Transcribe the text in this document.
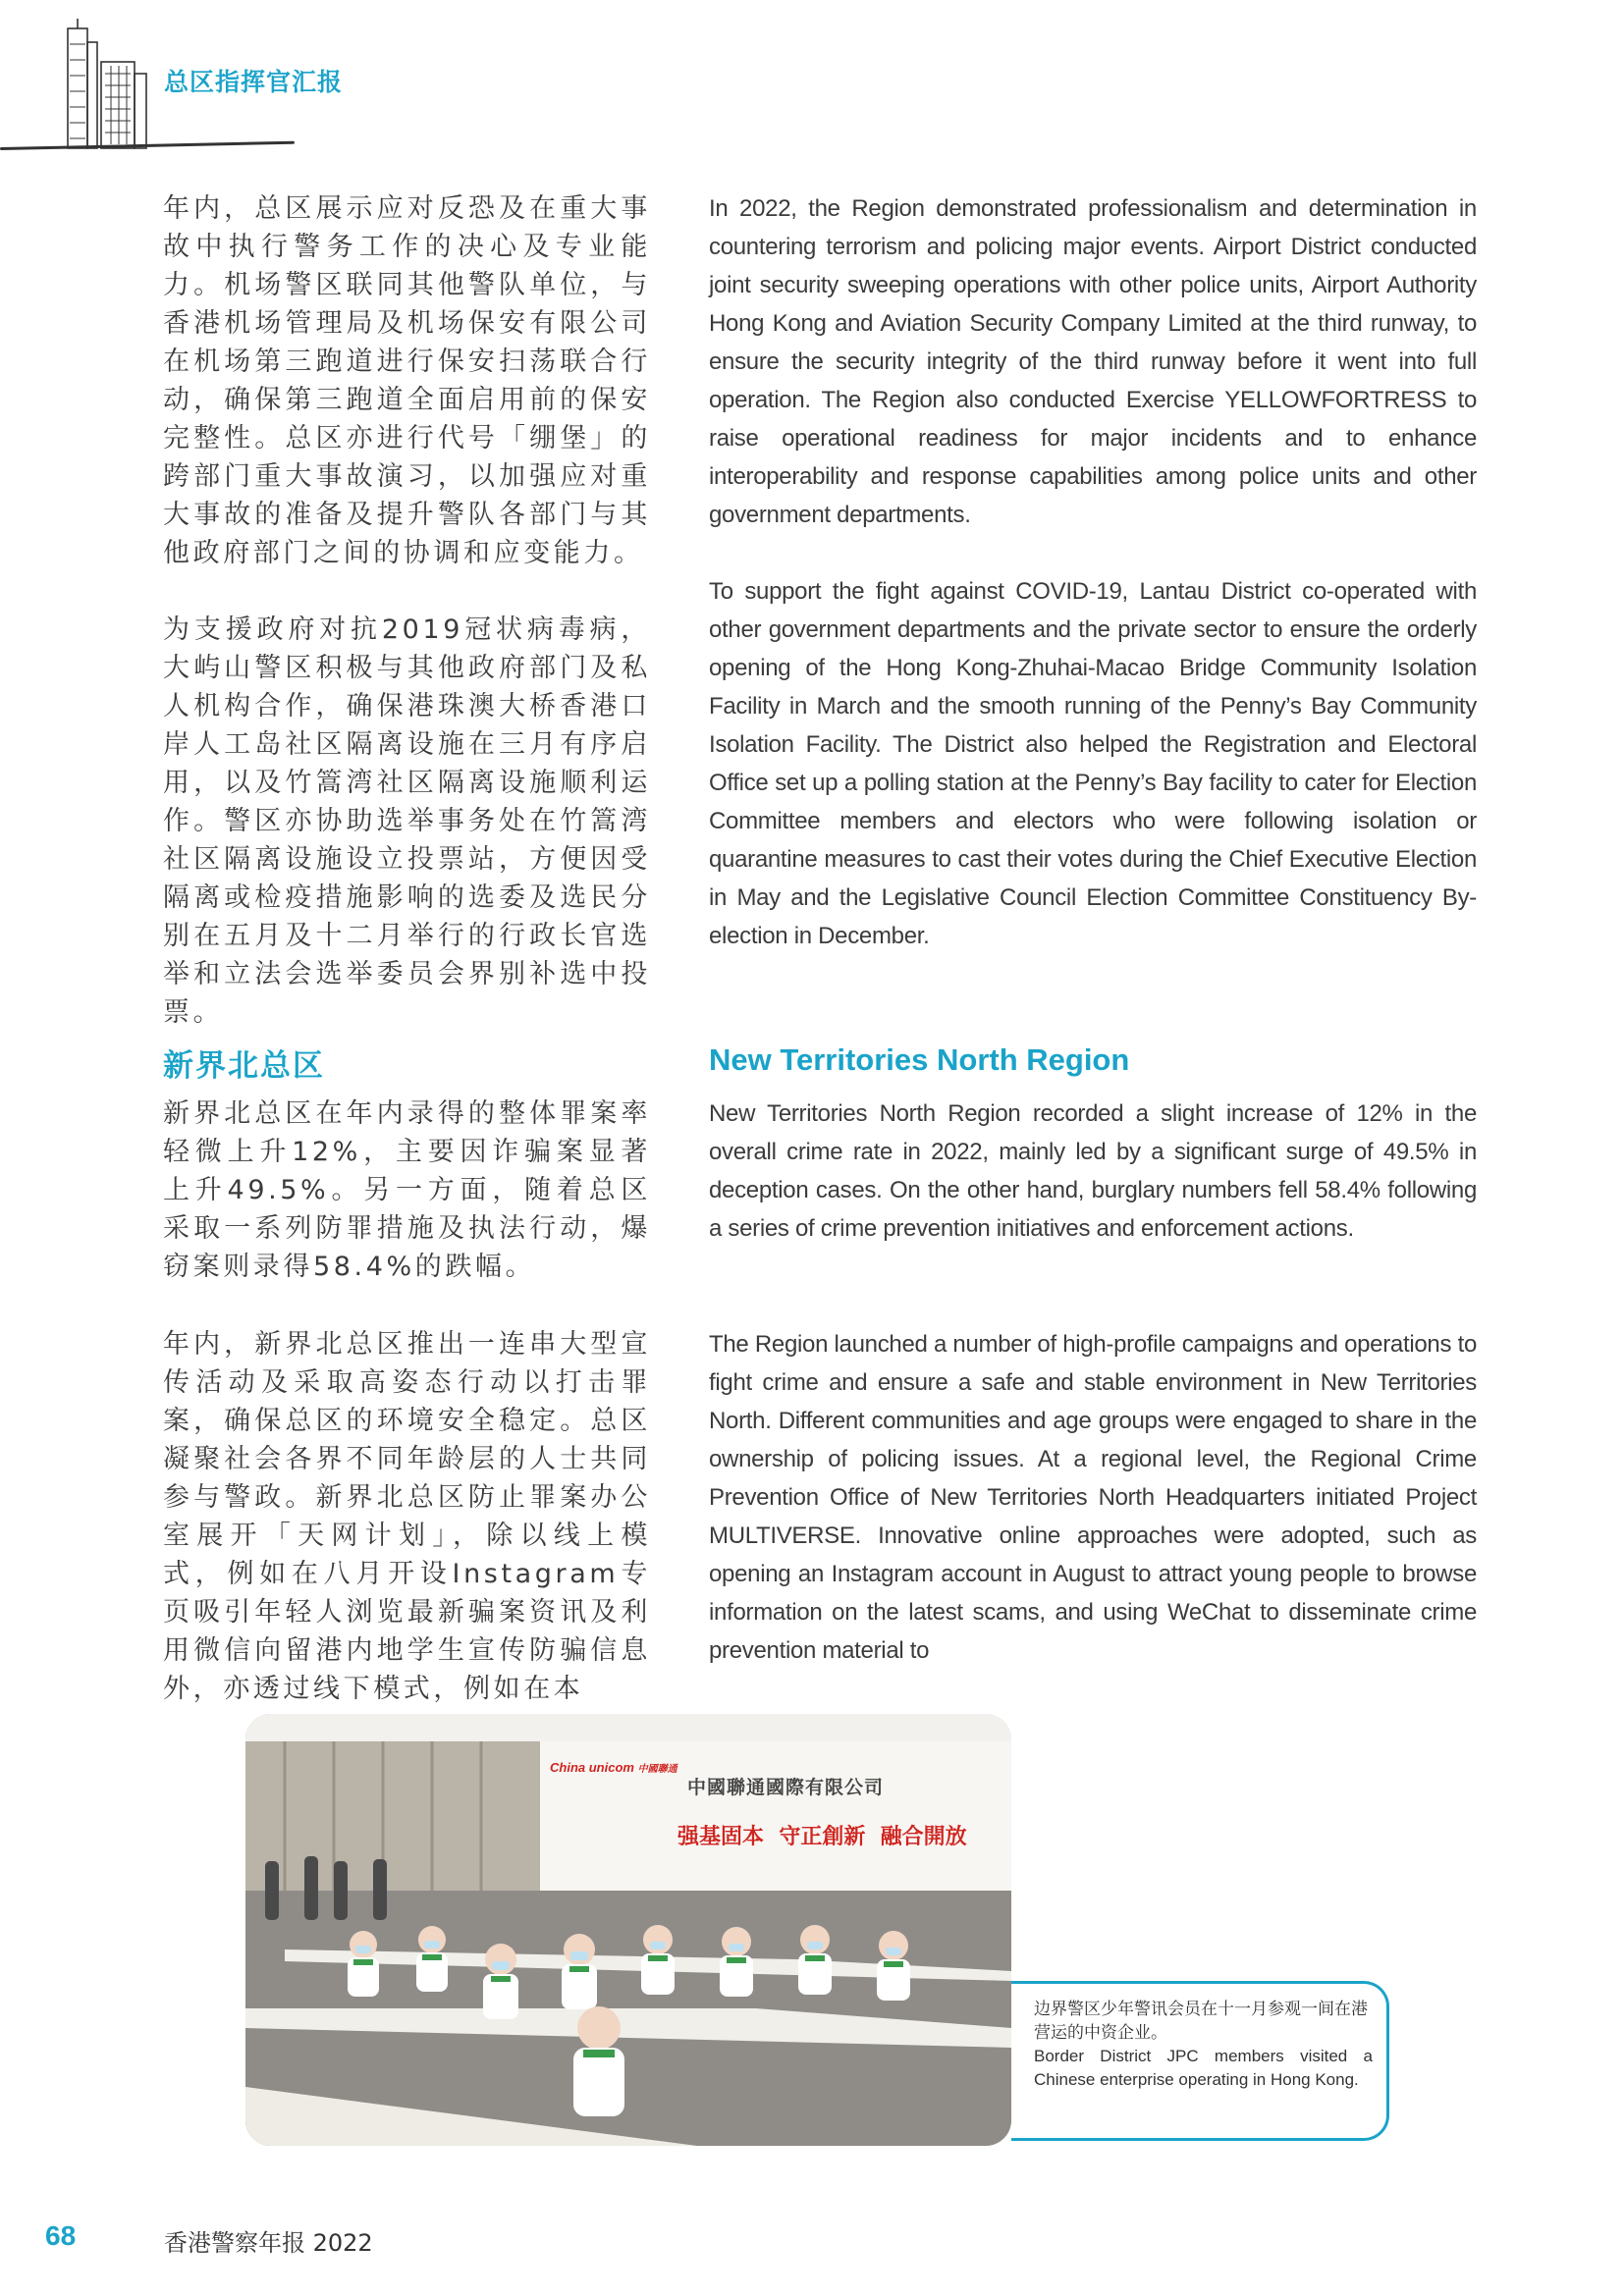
总区指挥官汇报

年内，总区展示应对反恐及在重大事故中执行警务工作的决心及专业能力。机场警区联同其他警队单位，与香港机场管理局及机场保安有限公司在机场第三跑道进行保安扫荡联合行动，确保第三跑道全面启用前的保安完整性。总区亦进行代号「绷堡」的跨部门重大事故演习，以加强应对重大事故的准备及提升警队各部门与其他政府部门之间的协调和应变能力。

为支援政府对抗2019冠状病毒病，大屿山警区积极与其他政府部门及私人机构合作，确保港珠澳大桥香港口岸人工岛社区隔离设施在三月有序启用，以及竹篙湾社区隔离设施顺利运作。警区亦协助选举事务处在竹篙湾社区隔离设施设立投票站，方便因受隔离或检疫措施影响的选委及选民分别在五月及十二月举行的行政长官选举和立法会选举委员会界别补选中投票。

新界北总区

新界北总区在年内录得的整体罪案率轻微上升12%，主要因诈骗案显著上升49.5%。另一方面，随着总区采取一系列防罪措施及执法行动，爆窃案则录得58.4%的跌幅。

年内，新界北总区推出一连串大型宣传活动及采取高姿态行动以打击罪案，确保总区的环境安全稳定。总区凝聚社会各界不同年龄层的人士共同参与警政。新界北总区防止罪案办公室展开「天网计划」，除以线上模式，例如在八月开设Instagram专页吸引年轻人浏览最新骗案资讯及利用微信向留港内地学生宣传防骗信息外，亦透过线下模式，例如在本

In 2022, the Region demonstrated professionalism and determination in countering terrorism and policing major events. Airport District conducted joint security sweeping operations with other police units, Airport Authority Hong Kong and Aviation Security Company Limited at the third runway, to ensure the security integrity of the third runway before it went into full operation. The Region also conducted Exercise YELLOWFORTRESS to raise operational readiness for major incidents and to enhance interoperability and response capabilities among police units and other government departments.

To support the fight against COVID-19, Lantau District co-operated with other government departments and the private sector to ensure the orderly opening of the Hong Kong-Zhuhai-Macao Bridge Community Isolation Facility in March and the smooth running of the Penny’s Bay Community Isolation Facility. The District also helped the Registration and Electoral Office set up a polling station at the Penny’s Bay facility to cater for Election Committee members and electors who were following isolation or quarantine measures to cast their votes during the Chief Executive Election in May and the Legislative Council Election Committee Constituency By-election in December.

New Territories North Region

New Territories North Region recorded a slight increase of 12% in the overall crime rate in 2022, mainly led by a significant surge of 49.5% in deception cases. On the other hand, burglary numbers fell 58.4% following a series of crime prevention initiatives and enforcement actions.

The Region launched a number of high-profile campaigns and operations to fight crime and ensure a safe and stable environment in New Territories North. Different communities and age groups were engaged to share in the ownership of policing issues. At a regional level, the Regional Crime Prevention Office of New Territories North Headquarters initiated Project MULTIVERSE. Innovative online approaches were adopted, such as opening an Instagram account in August to attract young people to browse information on the latest scams, and using WeChat to disseminate crime prevention material to

China unicom 中國聯通
中國聯通國際有限公司
强基固本  守正創新  融合開放

边界警区少年警讯会员在十一月参观一间在港营运的中资企业。

Border District JPC members visited a Chinese enterprise operating in Hong Kong.

68	香港警察年报 2022
